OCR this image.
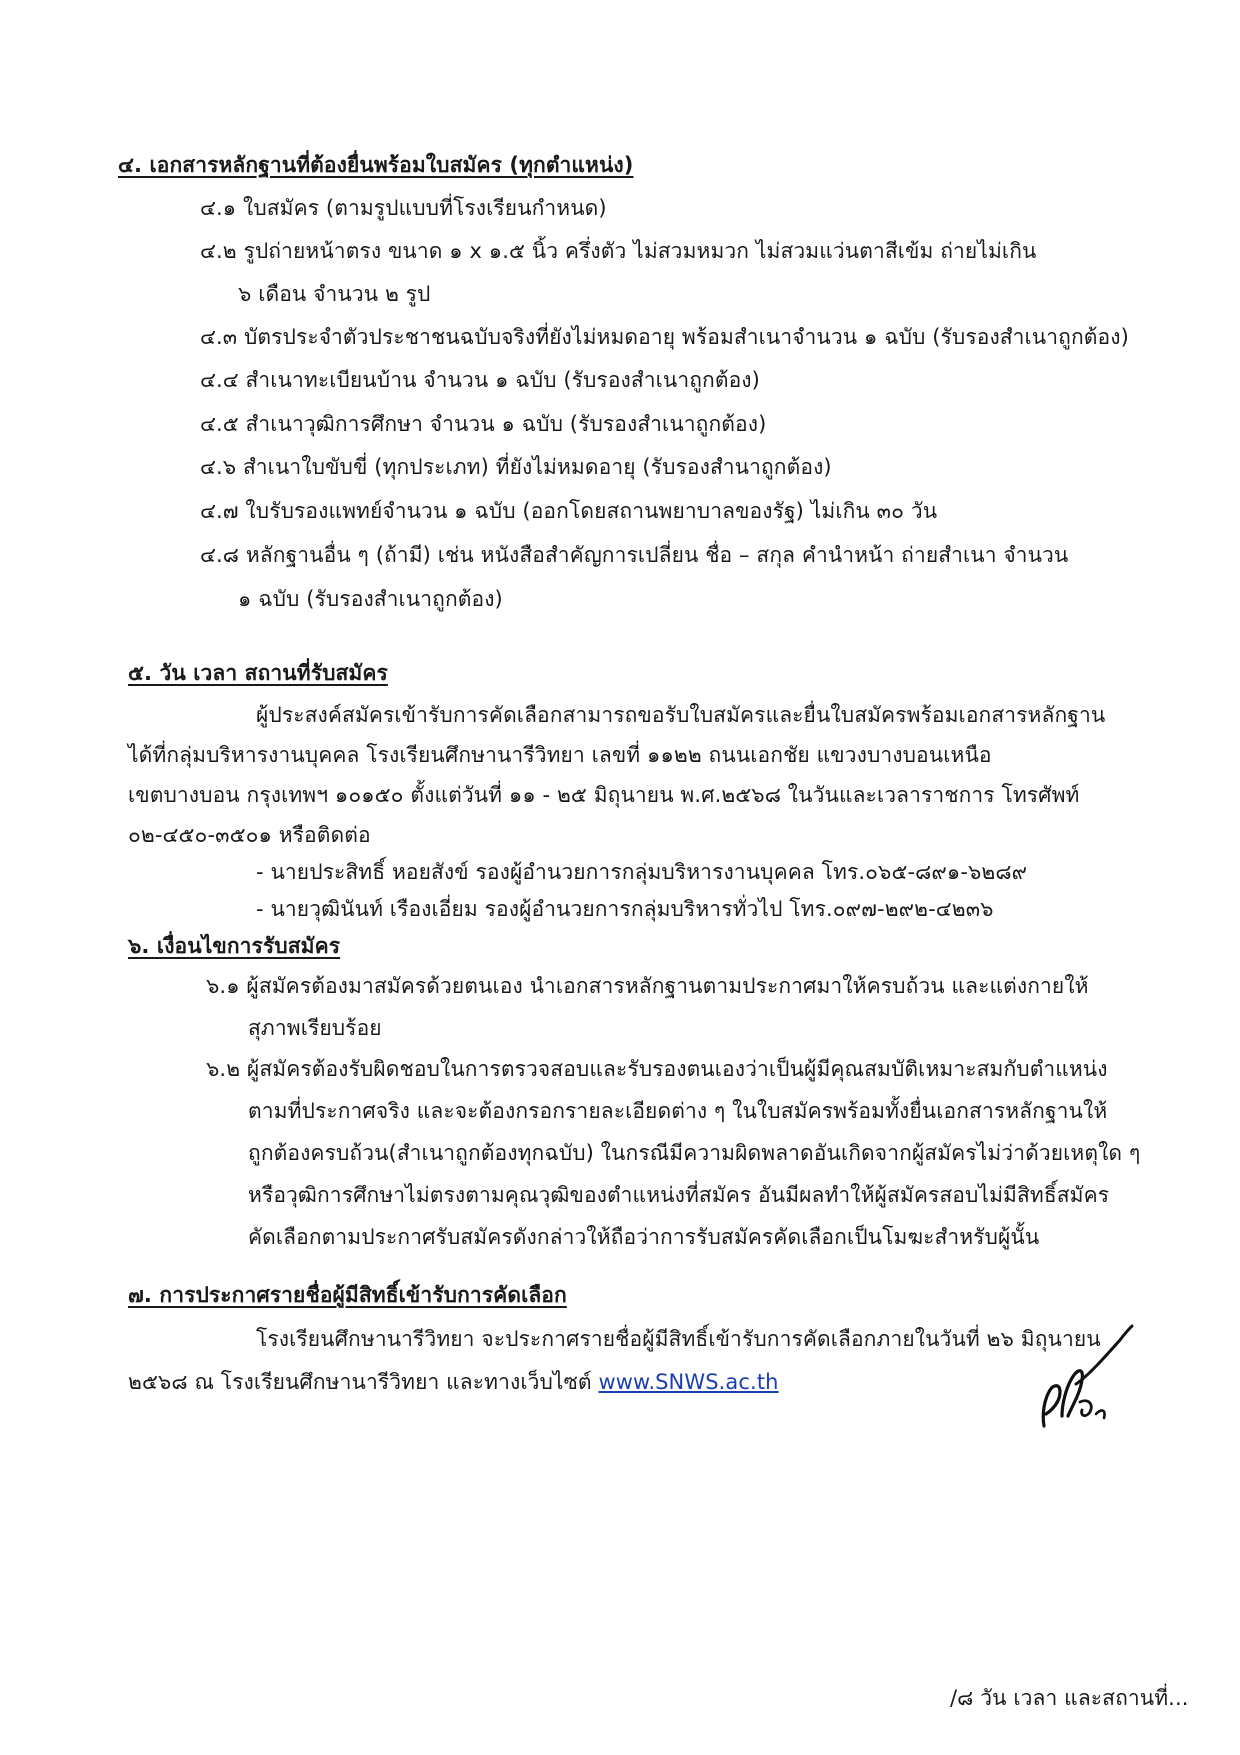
๔. เอกสารหลักฐานที่ต้องยื่นพร้อมใบสมัคร (ทุกตำแหน่ง)
๔.๑ ใบสมัคร (ตามรูปแบบที่โรงเรียนกำหนด)
๔.๒ รูปถ่ายหน้าตรง ขนาด ๑ x ๑.๕ นิ้ว ครึ่งตัว ไม่สวมหมวก ไม่สวมแว่นตาสีเข้ม ถ่ายไม่เกิน
๖ เดือน จำนวน ๒ รูป
๔.๓ บัตรประจำตัวประชาชนฉบับจริงที่ยังไม่หมดอายุ พร้อมสำเนาจำนวน ๑ ฉบับ (รับรองสำเนาถูกต้อง)
๔.๔ สำเนาทะเบียนบ้าน จำนวน ๑ ฉบับ (รับรองสำเนาถูกต้อง)
๔.๕ สำเนาวุฒิการศึกษา จำนวน ๑ ฉบับ (รับรองสำเนาถูกต้อง)
๔.๖ สำเนาใบขับขี่ (ทุกประเภท) ที่ยังไม่หมดอายุ (รับรองสำนาถูกต้อง)
๔.๗ ใบรับรองแพทย์จำนวน ๑ ฉบับ (ออกโดยสถานพยาบาลของรัฐ) ไม่เกิน ๓๐ วัน
๔.๘ หลักฐานอื่น ๆ (ถ้ามี) เช่น หนังสือสำคัญการเปลี่ยน ชื่อ – สกุล คำนำหน้า ถ่ายสำเนา จำนวน
๑ ฉบับ (รับรองสำเนาถูกต้อง)
๕. วัน เวลา สถานที่รับสมัคร
ผู้ประสงค์สมัครเข้ารับการคัดเลือกสามารถขอรับใบสมัครและยื่นใบสมัครพร้อมเอกสารหลักฐาน
ได้ที่กลุ่มบริหารงานบุคคล โรงเรียนศึกษานารีวิทยา เลขที่ ๑๑๒๒ ถนนเอกชัย แขวงบางบอนเหนือ
เขตบางบอน กรุงเทพฯ ๑๐๑๕๐ ตั้งแต่วันที่ ๑๑ - ๒๕ มิถุนายน พ.ศ.๒๕๖๘ ในวันและเวลาราชการ โทรศัพท์
๐๒-๔๕๐-๓๕๐๑ หรือติดต่อ
- นายประสิทธิ์ หอยสังข์ รองผู้อำนวยการกลุ่มบริหารงานบุคคล โทร.๐๖๕-๘๙๑-๖๒๘๙
- นายวุฒินันท์ เรืองเอี่ยม รองผู้อำนวยการกลุ่มบริหารทั่วไป โทร.๐๙๗-๒๙๒-๔๒๓๖
๖. เงื่อนไขการรับสมัคร
๖.๑ ผู้สมัครต้องมาสมัครด้วยตนเอง นำเอกสารหลักฐานตามประกาศมาให้ครบถ้วน และแต่งกายให้
สุภาพเรียบร้อย
๖.๒ ผู้สมัครต้องรับผิดชอบในการตรวจสอบและรับรองตนเองว่าเป็นผู้มีคุณสมบัติเหมาะสมกับตำแหน่ง
ตามที่ประกาศจริง และจะต้องกรอกรายละเอียดต่าง ๆ ในใบสมัครพร้อมทั้งยื่นเอกสารหลักฐานให้
ถูกต้องครบถ้วน(สำเนาถูกต้องทุกฉบับ) ในกรณีมีความผิดพลาดอันเกิดจากผู้สมัครไม่ว่าด้วยเหตุใด ๆ
หรือวุฒิการศึกษาไม่ตรงตามคุณวุฒิของตำแหน่งที่สมัคร อันมีผลทำให้ผู้สมัครสอบไม่มีสิทธิ์สมัคร
คัดเลือกตามประกาศรับสมัครดังกล่าวให้ถือว่าการรับสมัครคัดเลือกเป็นโมฆะสำหรับผู้นั้น
๗. การประกาศรายชื่อผู้มีสิทธิ์เข้ารับการคัดเลือก
โรงเรียนศึกษานารีวิทยา จะประกาศรายชื่อผู้มีสิทธิ์เข้ารับการคัดเลือกภายในวันที่ ๒๖ มิถุนายน
๒๕๖๘ ณ โรงเรียนศึกษานารีวิทยา และทางเว็บไซต์ www.SNWS.ac.th
/๘ วัน เวลา และสถานที่...
